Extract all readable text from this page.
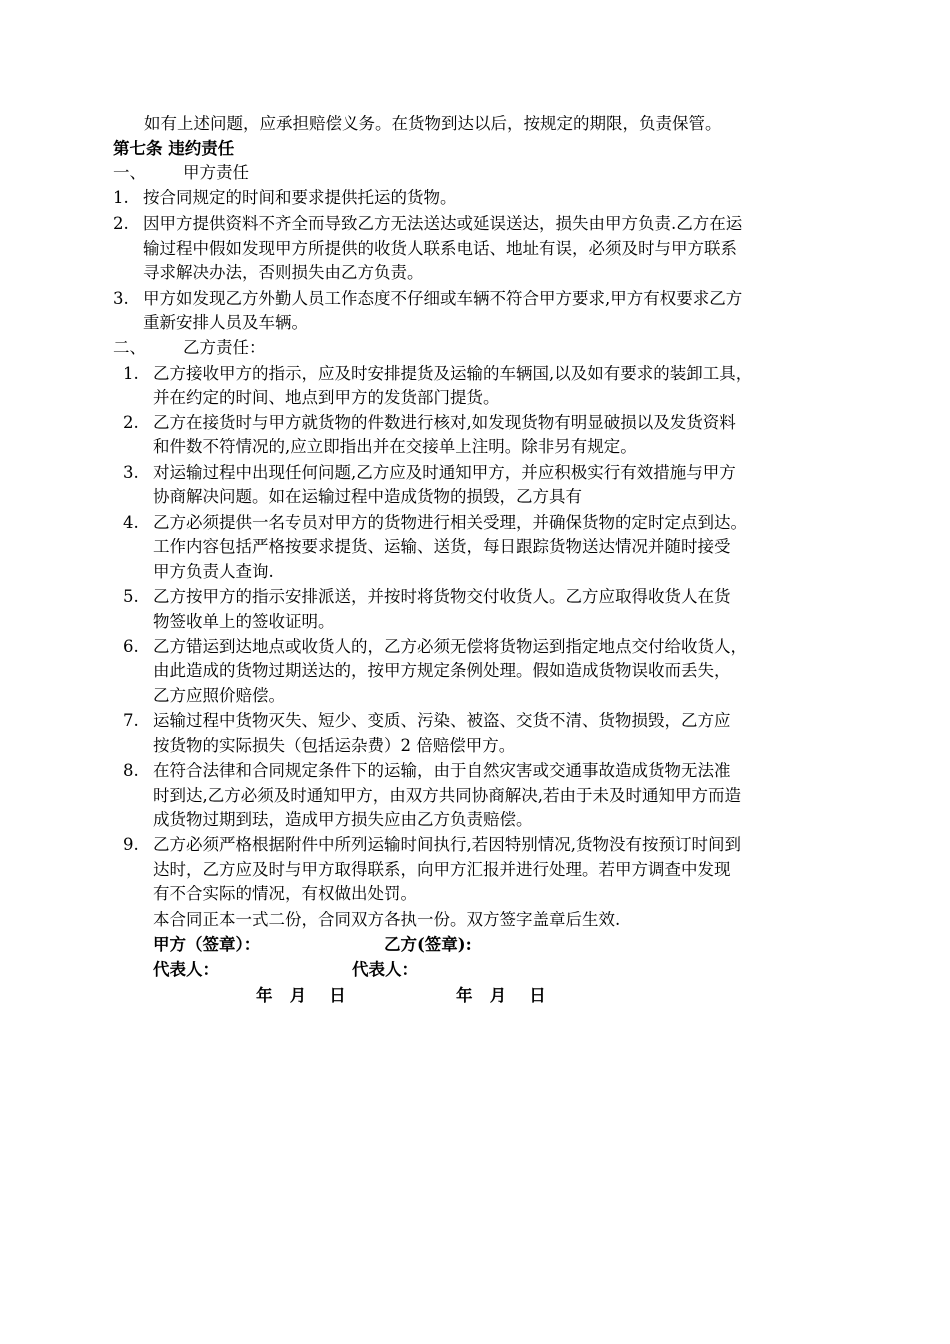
如有上述问题，应承担赔偿义务。在货物到达以后，按规定的期限，负责保管。
第七条 违约责任
一、 甲方责任
1. 按合同规定的时间和要求提供托运的货物。
2. 因甲方提供资料不齐全而导致乙方无法送达或延误送达，损失由甲方负责.乙方在运
输过程中假如发现甲方所提供的收货人联系电话、地址有误，必须及时与甲方联系
寻求解决办法，否则损失由乙方负责。
3. 甲方如发现乙方外勤人员工作态度不仔细或车辆不符合甲方要求,甲方有权要求乙方
重新安排人员及车辆。
二、 乙方责任：
1. 乙方接收甲方的指示，应及时安排提货及运输的车辆国,以及如有要求的装卸工具，
并在约定的时间、地点到甲方的发货部门提货。
2. 乙方在接货时与甲方就货物的件数进行核对,如发现货物有明显破损以及发货资料
和件数不符情况的,应立即指出并在交接单上注明。除非另有规定。
3. 对运输过程中出现任何问题,乙方应及时通知甲方，并应积极实行有效措施与甲方
协商解决问题。如在运输过程中造成货物的损毁，乙方具有
4. 乙方必须提供一名专员对甲方的货物进行相关受理，并确保货物的定时定点到达。
工作内容包括严格按要求提货、运输、送货，每日跟踪货物送达情况并随时接受
甲方负责人查询.
5. 乙方按甲方的指示安排派送，并按时将货物交付收货人。乙方应取得收货人在货
物签收单上的签收证明。
6. 乙方错运到达地点或收货人的，乙方必须无偿将货物运到指定地点交付给收货人，
由此造成的货物过期送达的，按甲方规定条例处理。假如造成货物误收而丢失，
乙方应照价赔偿。
7. 运输过程中货物灭失、短少、变质、污染、被盗、交货不清、货物损毁，乙方应
按货物的实际损失（包括运杂费）2 倍赔偿甲方。
8. 在符合法律和合同规定条件下的运输，由于自然灾害或交通事故造成货物无法准
时到达,乙方必须及时通知甲方，由双方共同协商解决,若由于未及时通知甲方而造
成货物过期到珐，造成甲方损失应由乙方负责赔偿。
9. 乙方必须严格根据附件中所列运输时间执行,若因特别情况,货物没有按预订时间到
达时，乙方应及时与甲方取得联系，向甲方汇报并进行处理。若甲方调查中发现
有不合实际的情况，有权做出处罚。
本合同正本一式二份，合同双方各执一份。双方签字盖章后生效.
甲方（签章）：	乙方(签章):
代表人：	代表人：
年   月    日	年   月    日
